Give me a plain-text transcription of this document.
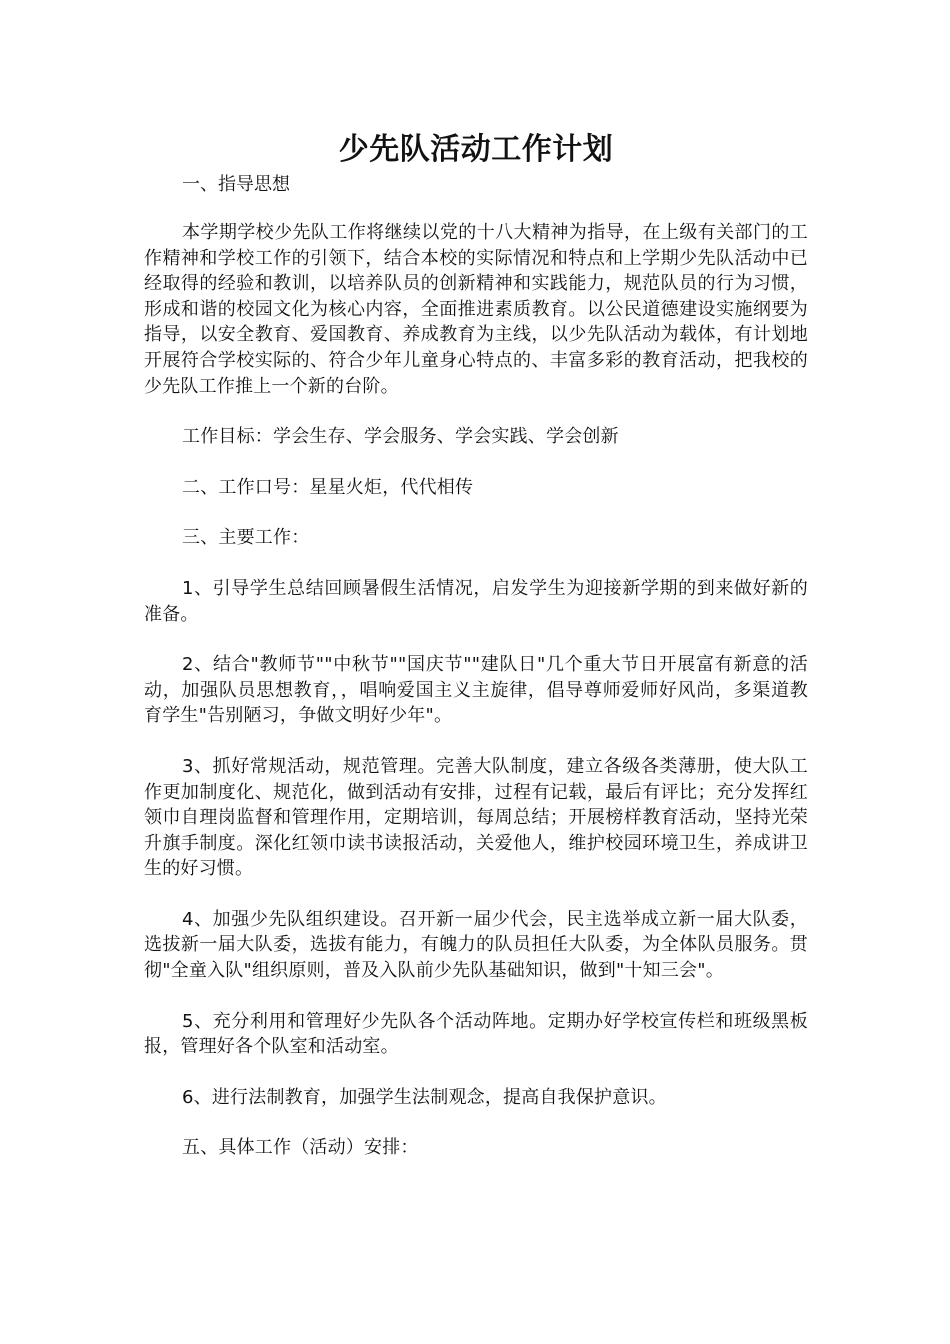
少先队活动工作计划

一、指导思想

本学期学校少先队工作将继续以党的十八大精神为指导，在上级有关部门的工作精神和学校工作的引领下，结合本校的实际情况和特点和上学期少先队活动中已经取得的经验和教训，以培养队员的创新精神和实践能力，规范队员的行为习惯，形成和谐的校园文化为核心内容，全面推进素质教育。以公民道德建设实施纲要为指导，以安全教育、爱国教育、养成教育为主线，以少先队活动为载体，有计划地开展符合学校实际的、符合少年儿童身心特点的、丰富多彩的教育活动，把我校的少先队工作推上一个新的台阶。

工作目标：学会生存、学会服务、学会实践、学会创新

二、工作口号：星星火炬，代代相传

三、主要工作：

1、引导学生总结回顾暑假生活情况，启发学生为迎接新学期的到来做好新的准备。

2、结合"教师节""中秋节""国庆节""建队日"几个重大节日开展富有新意的活动，加强队员思想教育，，唱响爱国主义主旋律，倡导尊师爱师好风尚，多渠道教育学生"告别陋习，争做文明好少年"。

3、抓好常规活动，规范管理。完善大队制度，建立各级各类薄册，使大队工作更加制度化、规范化，做到活动有安排，过程有记载，最后有评比；充分发挥红领巾自理岗监督和管理作用，定期培训，每周总结；开展榜样教育活动，坚持光荣升旗手制度。深化红领巾读书读报活动，关爱他人，维护校园环境卫生，养成讲卫生的好习惯。

4、加强少先队组织建设。召开新一届少代会，民主选举成立新一届大队委，选拔新一届大队委，选拔有能力，有魄力的队员担任大队委，为全体队员服务。贯彻"全童入队"组织原则，普及入队前少先队基础知识，做到"十知三会"。

5、充分利用和管理好少先队各个活动阵地。定期办好学校宣传栏和班级黑板报，管理好各个队室和活动室。

6、进行法制教育，加强学生法制观念，提高自我保护意识。

五、具体工作（活动）安排：
